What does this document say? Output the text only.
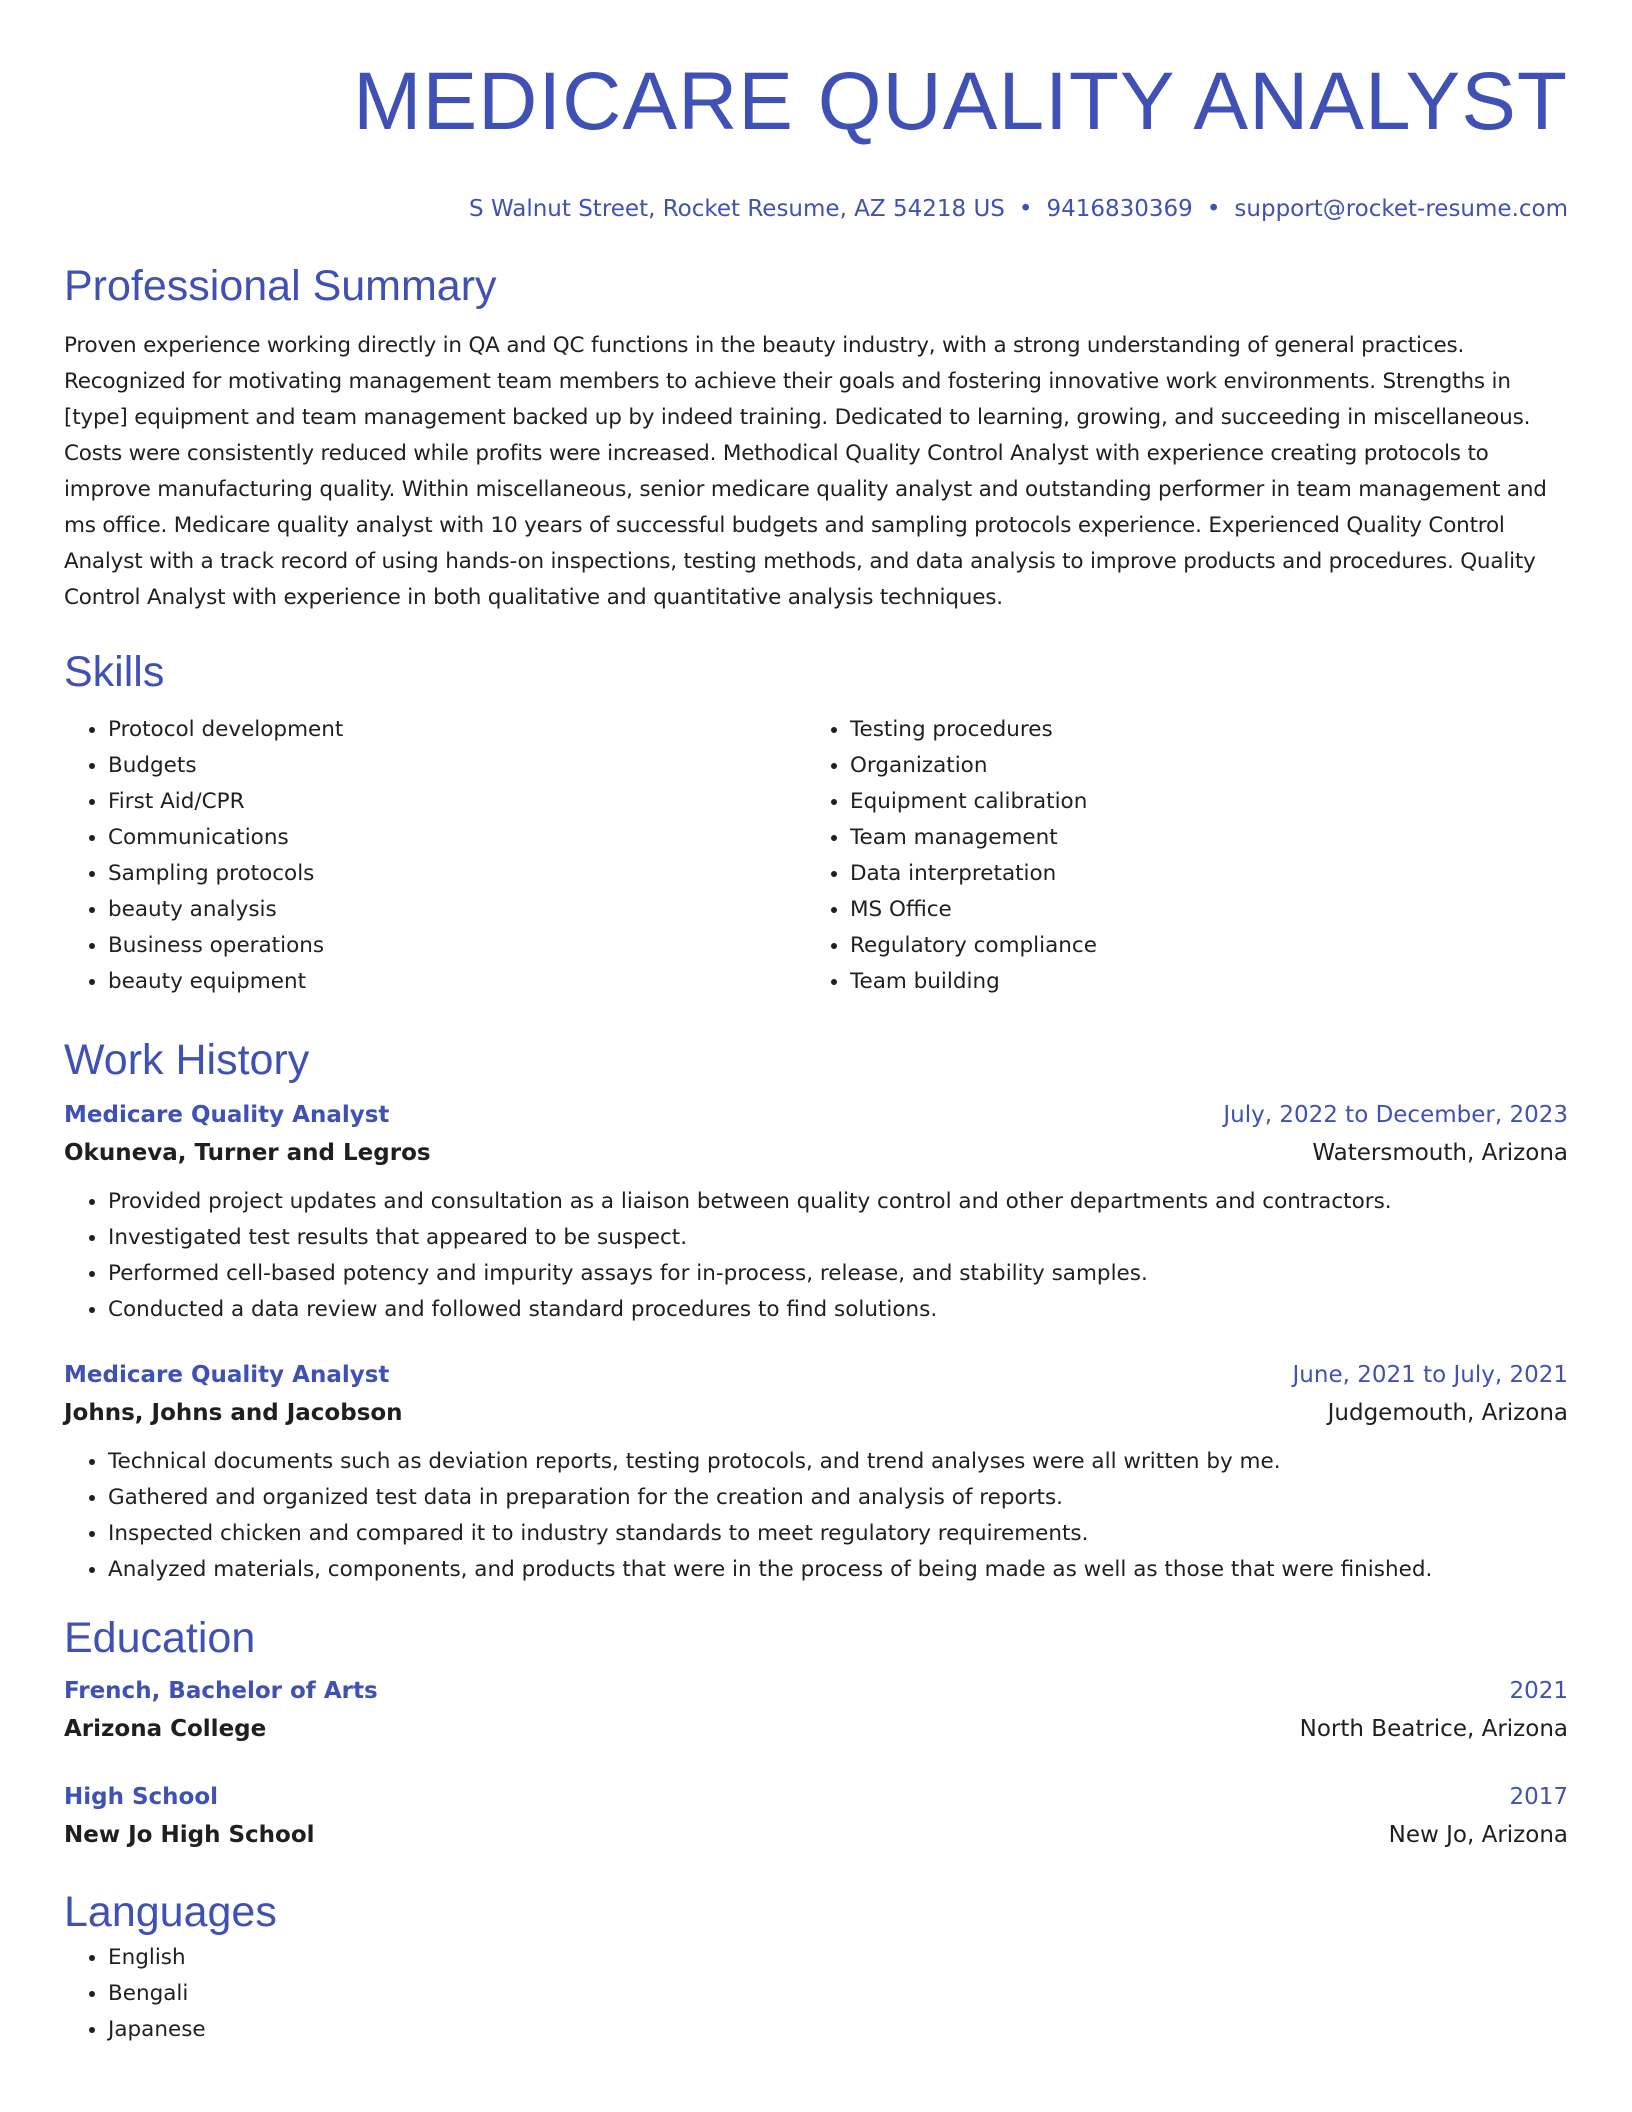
MEDICARE QUALITY ANALYST
S Walnut Street, Rocket Resume, AZ 54218 US • 9416830369 • support@rocket-resume.com
Professional Summary
Proven experience working directly in QA and QC functions in the beauty industry, with a strong understanding of general practices. Recognized for motivating management team members to achieve their goals and fostering innovative work environments. Strengths in [type] equipment and team management backed up by indeed training. Dedicated to learning, growing, and succeeding in miscellaneous. Costs were consistently reduced while profits were increased. Methodical Quality Control Analyst with experience creating protocols to improve manufacturing quality. Within miscellaneous, senior medicare quality analyst and outstanding performer in team management and ms office. Medicare quality analyst with 10 years of successful budgets and sampling protocols experience. Experienced Quality Control Analyst with a track record of using hands-on inspections, testing methods, and data analysis to improve products and procedures. Quality Control Analyst with experience in both qualitative and quantitative analysis techniques.
Skills
• Protocol development
• Budgets
• First Aid/CPR
• Communications
• Sampling protocols
• beauty analysis
• Business operations
• beauty equipment
• Testing procedures
• Organization
• Equipment calibration
• Team management
• Data interpretation
• MS Office
• Regulatory compliance
• Team building
Work History
Medicare Quality Analyst	July, 2022 to December, 2023
Okuneva, Turner and Legros	Watersmouth, Arizona
• Provided project updates and consultation as a liaison between quality control and other departments and contractors.
• Investigated test results that appeared to be suspect.
• Performed cell-based potency and impurity assays for in-process, release, and stability samples.
• Conducted a data review and followed standard procedures to find solutions.
Medicare Quality Analyst	June, 2021 to July, 2021
Johns, Johns and Jacobson	Judgemouth, Arizona
• Technical documents such as deviation reports, testing protocols, and trend analyses were all written by me.
• Gathered and organized test data in preparation for the creation and analysis of reports.
• Inspected chicken and compared it to industry standards to meet regulatory requirements.
• Analyzed materials, components, and products that were in the process of being made as well as those that were finished.
Education
French, Bachelor of Arts	2021
Arizona College	North Beatrice, Arizona
High School	2017
New Jo High School	New Jo, Arizona
Languages
• English
• Bengali
• Japanese
